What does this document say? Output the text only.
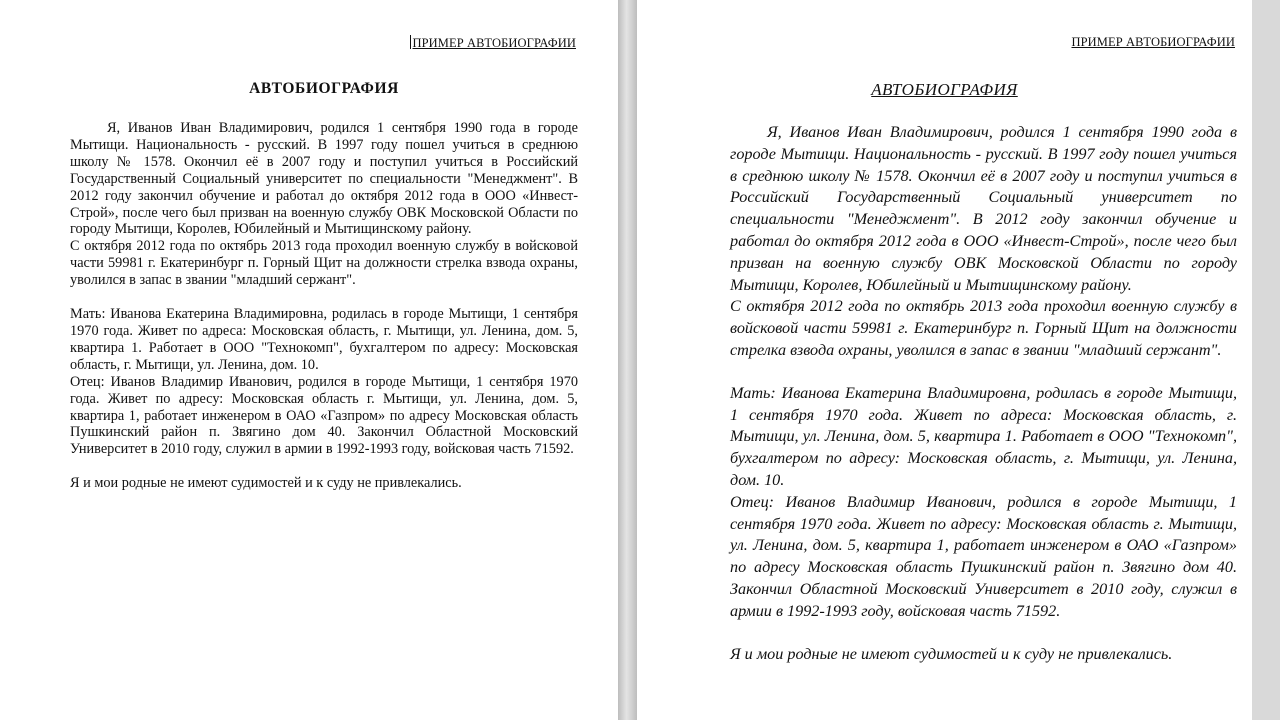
ПРИМЕР АВТОБИОГРАФИИ
АВТОБИОГРАФИЯ

Я, Иванов Иван Владимирович, родился 1 сентября 1990 года в городе Мытищи. Национальность - русский. В 1997 году пошел учиться в среднюю школу № 1578. Окончил её в 2007 году и поступил учиться в Российский Государственный Социальный университет по специальности "Менеджмент". В 2012 году закончил обучение и работал до октября 2012 года в ООО «Инвест-Строй», после чего был призван на военную службу ОВК Московской Области по городу Мытищи, Королев, Юбилейный и Мытищинскому району.

С октября 2012 года по октябрь 2013 года проходил военную службу в войсковой части 59981 г. Екатеринбург п. Горный Щит на должности стрелка взвода охраны, уволился в запас в звании "младший сержант".

Мать: Иванова Екатерина Владимировна, родилась в городе Мытищи, 1 сентября 1970 года. Живет по адреса: Московская область, г. Мытищи, ул. Ленина, дом. 5, квартира 1. Работает в ООО "Технокомп", бухгалтером по адресу: Московская область, г. Мытищи, ул. Ленина, дом. 10.

Отец: Иванов Владимир Иванович, родился в городе Мытищи, 1 сентября 1970 года. Живет по адресу: Московская область г. Мытищи, ул. Ленина, дом. 5, квартира 1, работает инженером в ОАО «Газпром» по адресу Московская область Пушкинский район п. Звягино дом 40. Закончил Областной Московский Университет в 2010 году, служил в армии в 1992-1993 году, войсковая часть 71592.

Я и мои родные не имеют судимостей и к суду не привлекались.

ПРИМЕР АВТОБИОГРАФИИ
АВТОБИОГРАФИЯ

Я, Иванов Иван Владимирович, родился 1 сентября 1990 года в городе Мытищи. Национальность - русский. В 1997 году пошел учиться в среднюю школу № 1578. Окончил её в 2007 году и поступил учиться в Российский Государственный Социальный университет по специальности "Менеджмент". В 2012 году закончил обучение и работал до октября 2012 года в ООО «Инвест-Строй», после чего был призван на военную службу ОВК Московской Области по городу Мытищи, Королев, Юбилейный и Мытищинскому району.

С октября 2012 года по октябрь 2013 года проходил военную службу в войсковой части 59981 г. Екатеринбург п. Горный Щит на должности стрелка взвода охраны, уволился в запас в звании "младший сержант".

Мать: Иванова Екатерина Владимировна, родилась в городе Мытищи, 1 сентября 1970 года. Живет по адреса: Московская область, г. Мытищи, ул. Ленина, дом. 5, квартира 1. Работает в ООО "Технокомп", бухгалтером по адресу: Московская область, г. Мытищи, ул. Ленина, дом. 10.

Отец: Иванов Владимир Иванович, родился в городе Мытищи, 1 сентября 1970 года. Живет по адресу: Московская область г. Мытищи, ул. Ленина, дом. 5, квартира 1, работает инженером в ОАО «Газпром» по адресу Московская область Пушкинский район п. Звягино дом 40. Закончил Областной Московский Университет в 2010 году, служил в армии в 1992-1993 году, войсковая часть 71592.

Я и мои родные не имеют судимостей и к суду не привлекались.
